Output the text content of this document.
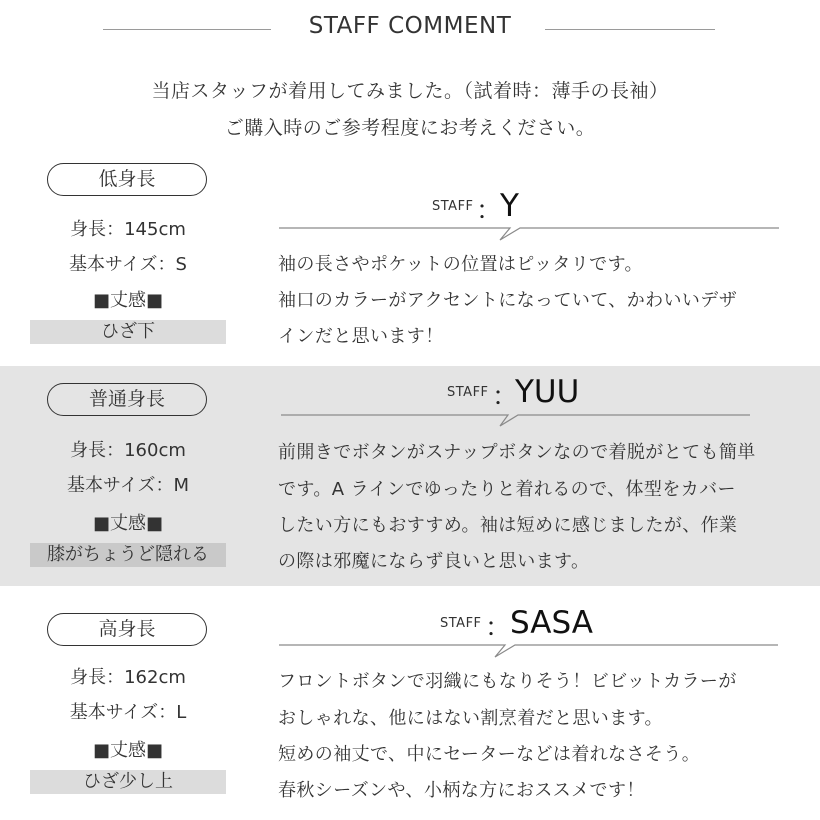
STAFF COMMENT
当店スタッフが着用してみました。（試着時：薄手の長袖）
ご購入時のご参考程度にお考えください。
低身長
身長：145cm
基本サイズ：S
■丈感■
ひざ下
STAFF ：
Y
袖の長さやポケットの位置はピッタリです。
袖口のカラーがアクセントになっていて、かわいいデザ
インだと思います！
普通身長
身長：160cm
基本サイズ：M
■丈感■
膝がちょうど隠れる
STAFF ：
YUU
前開きでボタンがスナップボタンなので着脱がとても簡単
です。A ラインでゆったりと着れるので、体型をカバー
したい方にもおすすめ。袖は短めに感じましたが、作業
の際は邪魔にならず良いと思います。
高身長
身長：162cm
基本サイズ：L
■丈感■
ひざ少し上
STAFF ：
SASA
フロントボタンで羽織にもなりそう！ビビットカラーが
おしゃれな、他にはない割烹着だと思います。
短めの袖丈で、中にセーターなどは着れなさそう。
春秋シーズンや、小柄な方におススメです！
